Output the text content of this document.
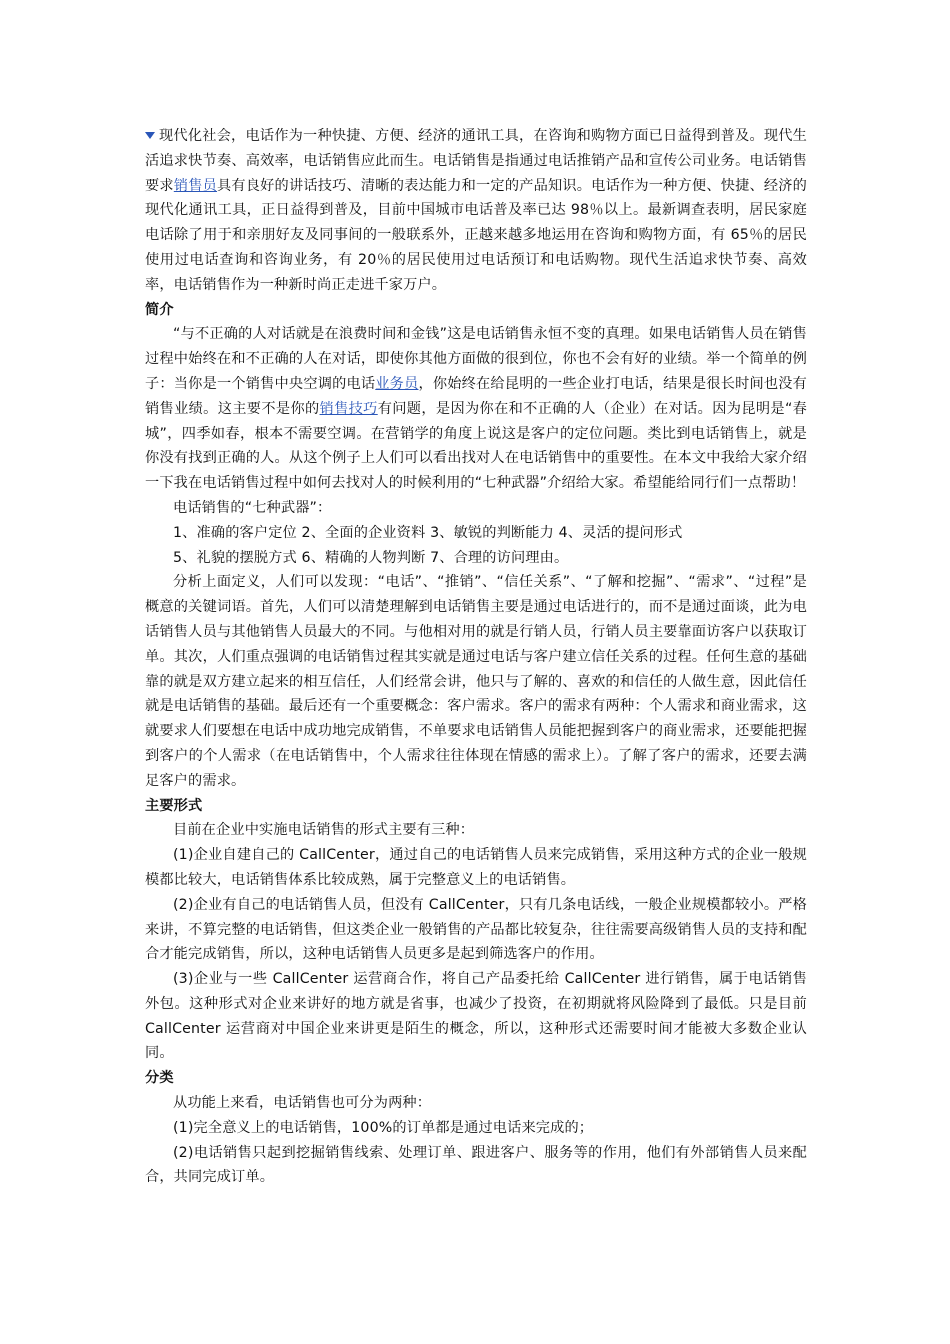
现代化社会，电话作为一种快捷、方便、经济的通讯工具，在咨询和购物方面已日益得到普及。现代生活追求快节奏、高效率，电话销售应此而生。电话销售是指通过电话推销产品和宣传公司业务。电话销售要求销售员具有良好的讲话技巧、清晰的表达能力和一定的产品知识。电话作为一种方便、快捷、经济的现代化通讯工具，正日益得到普及，目前中国城市电话普及率已达 98％以上。最新调查表明，居民家庭电话除了用于和亲朋好友及同事间的一般联系外，正越来越多地运用在咨询和购物方面，有 65％的居民使用过电话查询和咨询业务，有 20％的居民使用过电话预订和电话购物。现代生活追求快节奏、高效率，电话销售作为一种新时尚正走进千家万户。

简介

“与不正确的人对话就是在浪费时间和金钱”这是电话销售永恒不变的真理。如果电话销售人员在销售过程中始终在和不正确的人在对话，即使你其他方面做的很到位，你也不会有好的业绩。举一个简单的例子：当你是一个销售中央空调的电话业务员，你始终在给昆明的一些企业打电话，结果是很长时间也没有销售业绩。这主要不是你的销售技巧有问题，是因为你在和不正确的人（企业）在对话。因为昆明是“春城”，四季如春，根本不需要空调。在营销学的角度上说这是客户的定位问题。类比到电话销售上，就是你没有找到正确的人。从这个例子上人们可以看出找对人在电话销售中的重要性。在本文中我给大家介绍一下我在电话销售过程中如何去找对人的时候利用的“七种武器”介绍给大家。希望能给同行们一点帮助！

电话销售的“七种武器”：

1、准确的客户定位 2、全面的企业资料 3、敏锐的判断能力 4、灵活的提问形式

5、礼貌的摆脱方式 6、精确的人物判断 7、合理的访问理由。

分析上面定义，人们可以发现：“电话”、“推销”、“信任关系”、“了解和挖掘”、“需求”、“过程”是概意的关键词语。首先，人们可以清楚理解到电话销售主要是通过电话进行的，而不是通过面谈，此为电话销售人员与其他销售人员最大的不同。与他相对用的就是行销人员，行销人员主要靠面访客户以获取订单。其次，人们重点强调的电话销售过程其实就是通过电话与客户建立信任关系的过程。任何生意的基础靠的就是双方建立起来的相互信任，人们经常会讲，他只与了解的、喜欢的和信任的人做生意，因此信任就是电话销售的基础。最后还有一个重要概念：客户需求。客户的需求有两种：个人需求和商业需求，这就要求人们要想在电话中成功地完成销售，不单要求电话销售人员能把握到客户的商业需求，还要能把握到客户的个人需求（在电话销售中，个人需求往往体现在情感的需求上）。了解了客户的需求，还要去满足客户的需求。

主要形式

目前在企业中实施电话销售的形式主要有三种：

(1)企业自建自己的 CallCenter，通过自己的电话销售人员来完成销售，采用这种方式的企业一般规模都比较大，电话销售体系比较成熟，属于完整意义上的电话销售。

(2)企业有自己的电话销售人员，但没有 CallCenter，只有几条电话线，一般企业规模都较小。严格来讲，不算完整的电话销售，但这类企业一般销售的产品都比较复杂，往往需要高级销售人员的支持和配合才能完成销售，所以，这种电话销售人员更多是起到筛选客户的作用。

(3)企业与一些 CallCenter 运营商合作，将自己产品委托给 CallCenter 进行销售，属于电话销售外包。这种形式对企业来讲好的地方就是省事，也减少了投资，在初期就将风险降到了最低。只是目前 CallCenter 运营商对中国企业来讲更是陌生的概念，所以，这种形式还需要时间才能被大多数企业认同。

分类

从功能上来看，电话销售也可分为两种：

(1)完全意义上的电话销售，100%的订单都是通过电话来完成的；

(2)电话销售只起到挖掘销售线索、处理订单、跟进客户、服务等的作用，他们有外部销售人员来配合，共同完成订单。
